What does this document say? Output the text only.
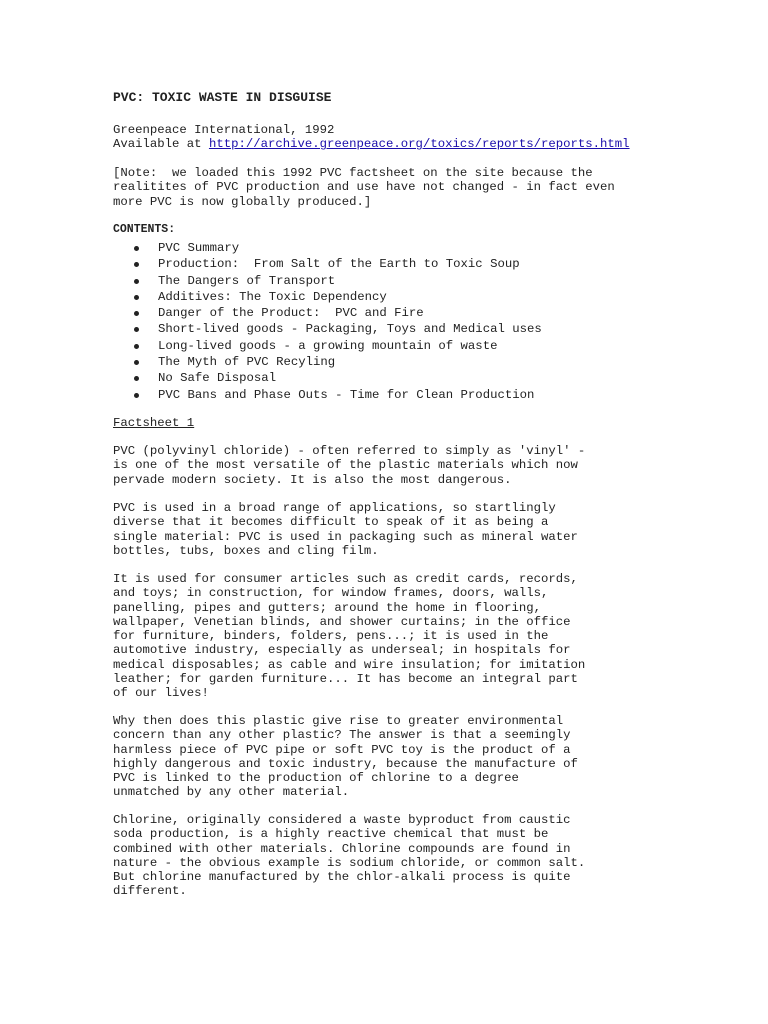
PVC: TOXIC WASTE IN DISGUISE
Greenpeace International, 1992
Available at http://archive.greenpeace.org/toxics/reports/reports.html
[Note:  we loaded this 1992 PVC factsheet on the site because the
realitites of PVC production and use have not changed - in fact even
more PVC is now globally produced.]
CONTENTS:
PVC Summary
Production:  From Salt of the Earth to Toxic Soup
The Dangers of Transport
Additives: The Toxic Dependency
Danger of the Product:  PVC and Fire
Short-lived goods - Packaging, Toys and Medical uses
Long-lived goods - a growing mountain of waste
The Myth of PVC Recyling
No Safe Disposal
PVC Bans and Phase Outs - Time for Clean Production
Factsheet 1
PVC (polyvinyl chloride) - often referred to simply as 'vinyl' -
is one of the most versatile of the plastic materials which now
pervade modern society. It is also the most dangerous.
PVC is used in a broad range of applications, so startlingly
diverse that it becomes difficult to speak of it as being a
single material: PVC is used in packaging such as mineral water
bottles, tubs, boxes and cling film.
It is used for consumer articles such as credit cards, records,
and toys; in construction, for window frames, doors, walls,
panelling, pipes and gutters; around the home in flooring,
wallpaper, Venetian blinds, and shower curtains; in the office
for furniture, binders, folders, pens...; it is used in the
automotive industry, especially as underseal; in hospitals for
medical disposables; as cable and wire insulation; for imitation
leather; for garden furniture... It has become an integral part
of our lives!
Why then does this plastic give rise to greater environmental
concern than any other plastic? The answer is that a seemingly
harmless piece of PVC pipe or soft PVC toy is the product of a
highly dangerous and toxic industry, because the manufacture of
PVC is linked to the production of chlorine to a degree
unmatched by any other material.
Chlorine, originally considered a waste byproduct from caustic
soda production, is a highly reactive chemical that must be
combined with other materials. Chlorine compounds are found in
nature - the obvious example is sodium chloride, or common salt.
But chlorine manufactured by the chlor-alkali process is quite
different.
